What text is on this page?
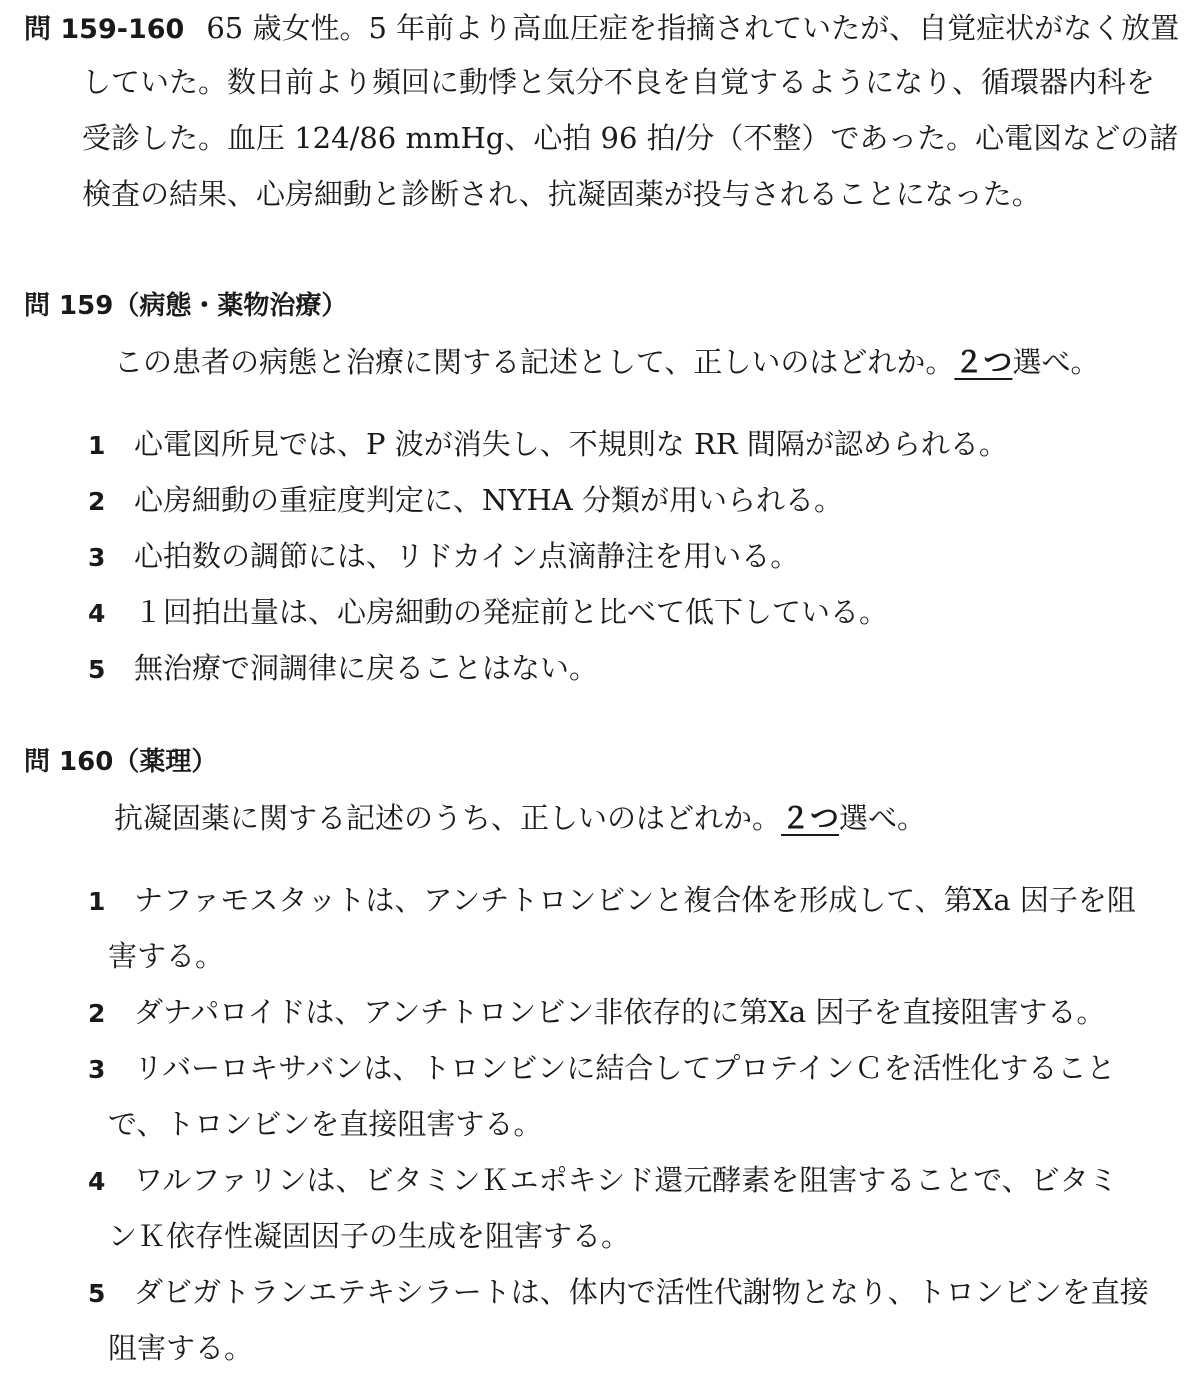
問 159-160 65 歳女性。5 年前より高血圧症を指摘されていたが、自覚症状がなく放置
していた。数日前より頻回に動悸と気分不良を自覚するようになり、循環器内科を
受診した。血圧 124/86 mmHg、心拍 96 拍/分（不整）であった。心電図などの諸
検査の結果、心房細動と診断され、抗凝固薬が投与されることになった。
問 159（病態・薬物治療）
この患者の病態と治療に関する記述として、正しいのはどれか。２つ選べ。
1 心電図所見では、P 波が消失し、不規則な RR 間隔が認められる。
2 心房細動の重症度判定に、NYHA 分類が用いられる。
3 心拍数の調節には、リドカイン点滴静注を用いる。
4 １回拍出量は、心房細動の発症前と比べて低下している。
5 無治療で洞調律に戻ることはない。
問 160（薬理）
抗凝固薬に関する記述のうち、正しいのはどれか。２つ選べ。
1 ナファモスタットは、アンチトロンビンと複合体を形成して、第Ⅹa 因子を阻
害する。
2 ダナパロイドは、アンチトロンビン非依存的に第Ⅹa 因子を直接阻害する。
3 リバーロキサバンは、トロンビンに結合してプロテインＣを活性化すること
で、トロンビンを直接阻害する。
4 ワルファリンは、ビタミンＫエポキシド還元酵素を阻害することで、ビタミ
ンＫ依存性凝固因子の生成を阻害する。
5 ダビガトランエテキシラートは、体内で活性代謝物となり、トロンビンを直接
阻害する。
